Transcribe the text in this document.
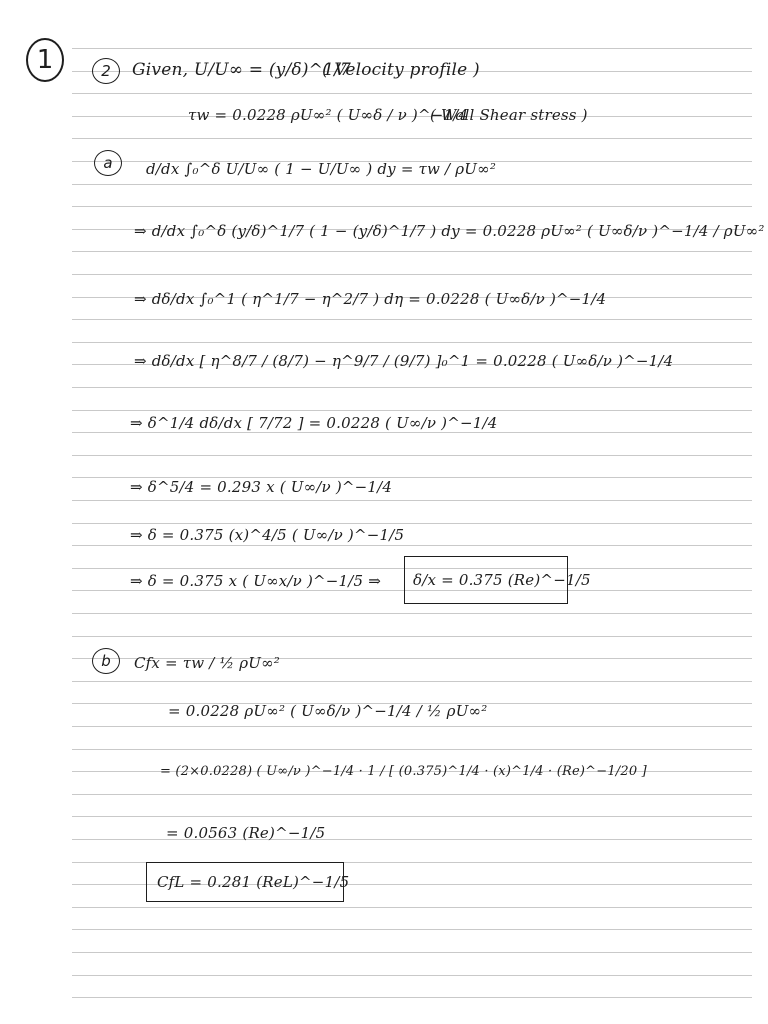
1	2	Given, U/U∞ = (y/δ)^1/7
( Velocity profile )
τw = 0.0228 ρU∞² ( U∞δ / ν )^−1/4
( Wall Shear stress )
a	d/dx ∫₀^δ U/U∞ ( 1 − U/U∞ ) dy = τw / ρU∞²
⇒ d/dx ∫₀^δ (y/δ)^1/7 ( 1 − (y/δ)^1/7 ) dy = 0.0228 ρU∞² ( U∞δ/ν )^−1/4 / ρU∞²
⇒ dδ/dx ∫₀^1 ( η^1/7 − η^2/7 ) dη = 0.0228 ( U∞δ/ν )^−1/4
⇒ dδ/dx [ η^8/7 / (8/7) − η^9/7 / (9/7) ]₀^1 = 0.0228 ( U∞δ/ν )^−1/4
⇒ δ^1/4 dδ/dx [ 7/72 ] = 0.0228 ( U∞/ν )^−1/4
⇒ δ^5/4 = 0.293 x ( U∞/ν )^−1/4
⇒ δ = 0.375 (x)^4/5 ( U∞/ν )^−1/5
⇒ δ = 0.375 x ( U∞x/ν )^−1/5 ⇒ δ/x = 0.375 (Re)^−1/5
b	Cfx = τw / ½ ρU∞²
= 0.0228 ρU∞² ( U∞δ/ν )^−1/4 / ½ ρU∞²
= (2×0.0228) ( U∞/ν )^−1/4 · 1 / [ (0.375)^1/4 · (x)^1/4 · (Re)^−1/20 ]
= 0.0563 (Re)^−1/5
CfL = 0.281 (ReL)^−1/5
